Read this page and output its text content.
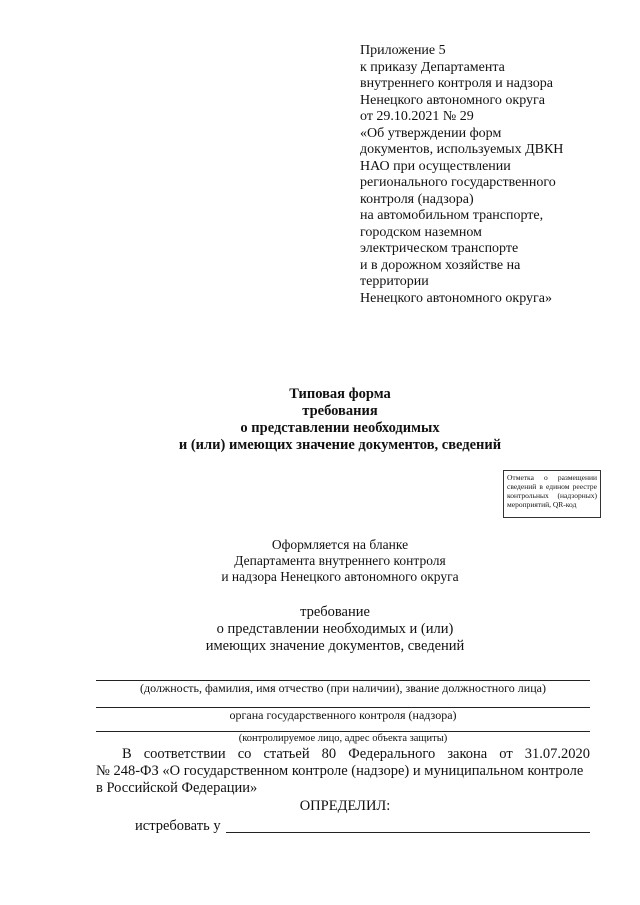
Приложение 5
к приказу Департамента
внутреннего контроля и надзора
Ненецкого автономного округа
от 29.10.2021 № 29
«Об утверждении форм
документов, используемых ДВКН
НАО при осуществлении
регионального государственного
контроля (надзора)
на автомобильном транспорте,
городском наземном
электрическом транспорте
и в дорожном хозяйстве на
территории
Ненецкого автономного округа»
Типовая форма
требования
о представлении необходимых
и (или) имеющих значение документов, сведений
Отметка о размещении сведений в едином реестре контрольных (надзорных) мероприятий, QR-код
Оформляется на бланке
Департамента внутреннего контроля
и надзора Ненецкого автономного округа
требование
о представлении необходимых и (или)
имеющих значение документов, сведений
(должность, фамилия, имя отчество (при наличии), звание должностного лица)
органа государственного контроля (надзора)
(контролируемое лицо, адрес объекта защиты)
В соответствии со статьей 80 Федерального закона от 31.07.2020
№ 248-ФЗ «О государственном контроле (надзоре) и муниципальном контроле
в Российской Федерации»
ОПРЕДЕЛИЛ:
истребовать у
